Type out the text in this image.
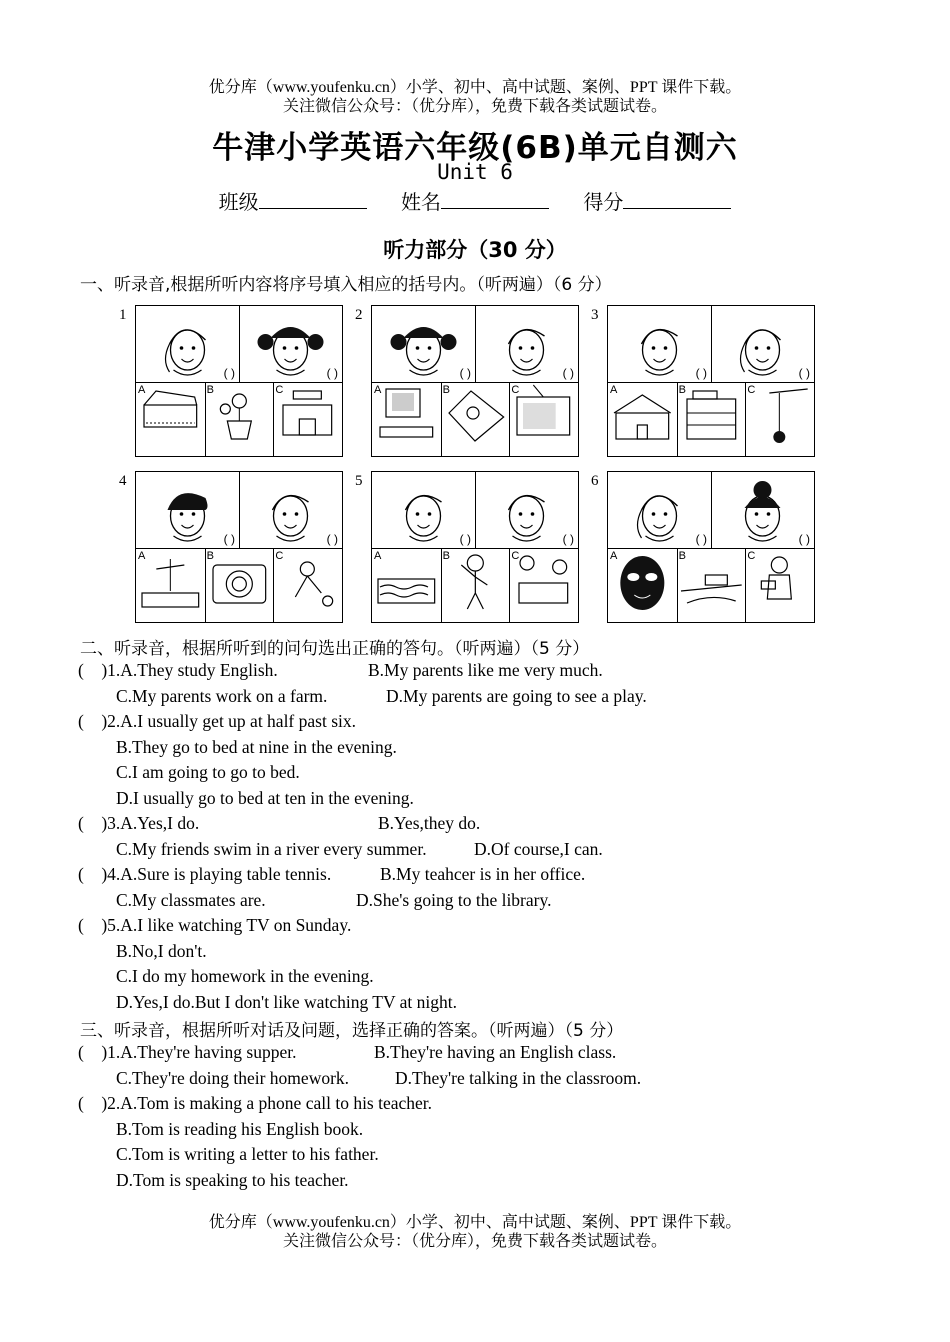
优分库（www.youfenku.cn）小学、初中、高中试题、案例、PPT 课件下载。
关注微信公众号：（优分库），免费下载各类试题试卷。
牛津小学英语六年级(6B)单元自测六
Unit 6
班级	姓名	得分
听力部分（30 分）
一、听录音,根据所听内容将序号填入相应的括号内。（听两遍）（6 分）
1
( )	( )
A	B	C
2
( )	( )
A	B	C
3
( )	( )
A	B	C
4
( )	( )
A	B	C
5
( )	( )
A	B	C
6
( )	( )
A	B	C
二、听录音，根据所听到的问句选出正确的答句。（听两遍）（5 分）
(    )1.A.They study English.	B.My parents like me very much.
C.My parents work on a farm.	D.My parents are going to see a play.
(    )2.A.I usually get up at half past six.
B.They go to bed at nine in the evening.
C.I am going to go to bed.
D.I usually go to bed at ten in the evening.
(    )3.A.Yes,I do.	B.Yes,they do.
C.My friends swim in a river every summer.	D.Of course,I can.
(    )4.A.Sure is playing table tennis.	B.My teahcer is in her office.
C.My classmates are.	D.She's going to the library.
(    )5.A.I like watching TV on Sunday.
B.No,I don't.
C.I do my homework in the evening.
D.Yes,I do.But I don't like watching TV at night.
三、听录音，根据所听对话及问题，选择正确的答案。（听两遍）（5 分）
(    )1.A.They're having supper.	B.They're having an English class.
C.They're doing their homework.	D.They're talking in the classroom.
(    )2.A.Tom is making a phone call to his teacher.
B.Tom is reading his English book.
C.Tom is writing a letter to his father.
D.Tom is speaking to his teacher.
优分库（www.youfenku.cn）小学、初中、高中试题、案例、PPT 课件下载。
关注微信公众号：（优分库），免费下载各类试题试卷。
